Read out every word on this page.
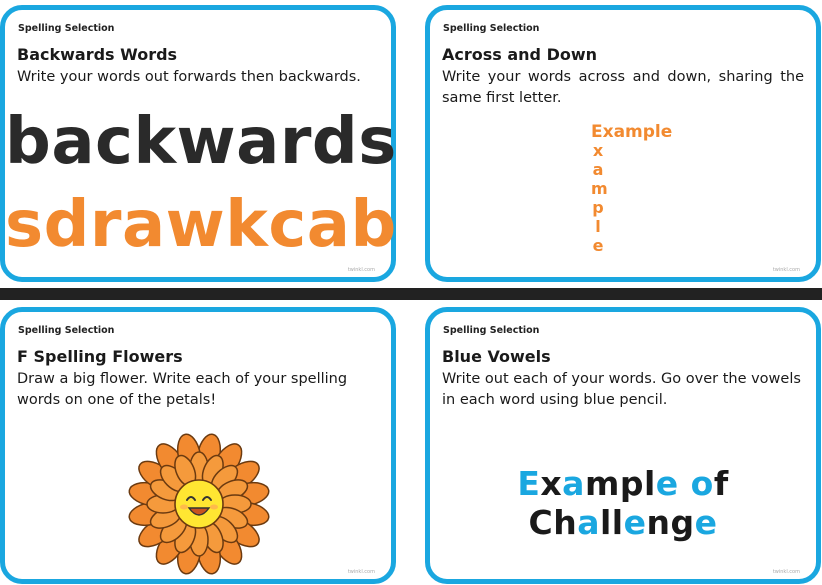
Spelling Selection
Backwards Words
Write your words out forwards then backwards.
backwards
sdrawkcab
twinkl.com
Spelling Selection
Across and Down
Write your words across and down, sharing the same first letter.
Example
x
a
m
p
l
e
twinkl.com
Spelling Selection
F Spelling Flowers
Draw a big flower. Write each of your spelling words on one of the petals!
twinkl.com
Spelling Selection
Blue Vowels
Write out each of your words. Go over the vowels in each word using blue pencil.
Example of Challenge
twinkl.com
